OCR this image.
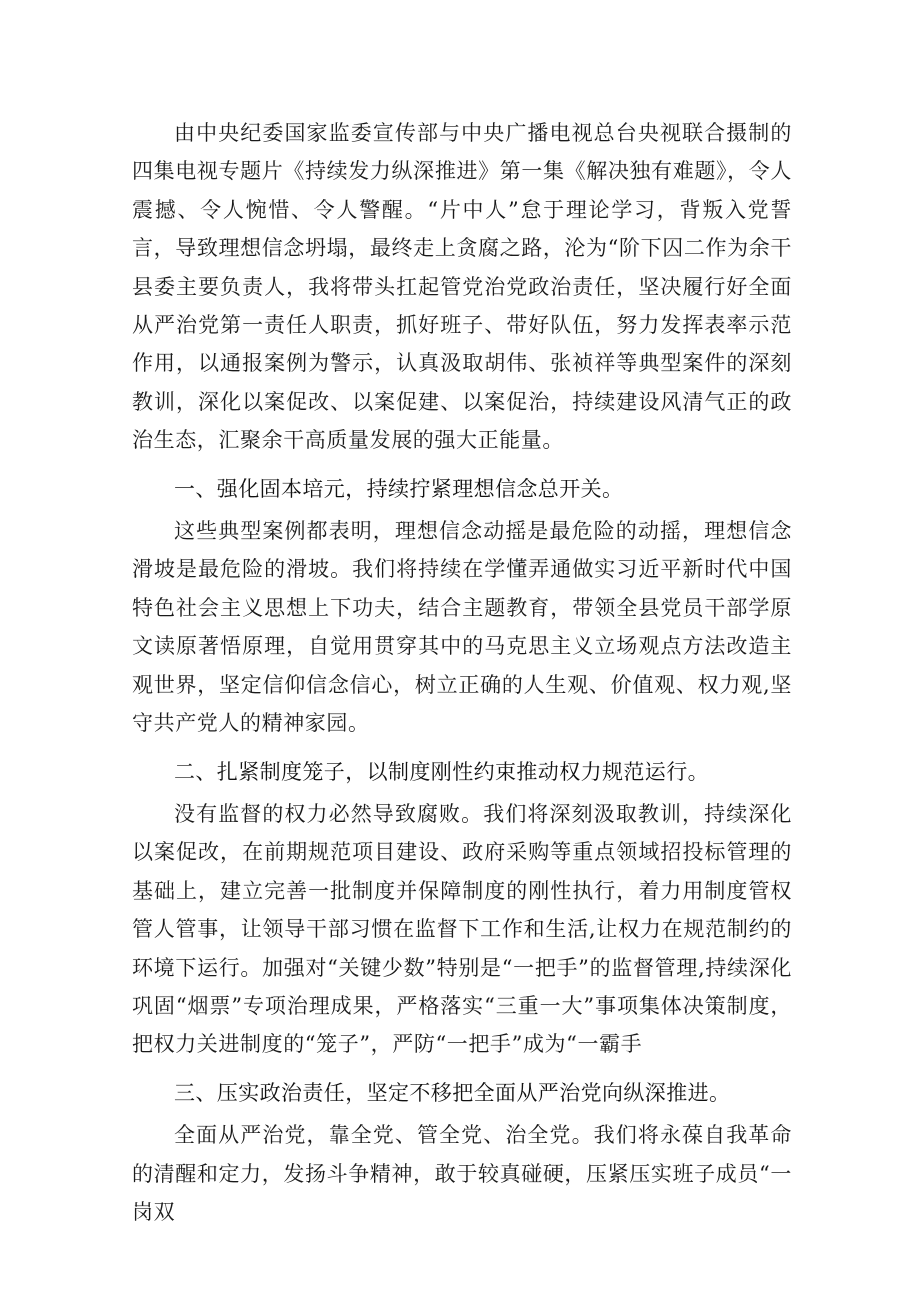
由中央纪委国家监委宣传部与中央广播电视总台央视联合摄制的四集电视专题片《持续发力纵深推进》第一集《解决独有难题》，令人震撼、令人惋惜、令人警醒。“片中人”怠于理论学习，背叛入党誓言，导致理想信念坍塌，最终走上贪腐之路，沦为“阶下囚二作为余干县委主要负责人，我将带头扛起管党治党政治责任，坚决履行好全面从严治党第一责任人职责，抓好班子、带好队伍，努力发挥表率示范作用，以通报案例为警示，认真汲取胡伟、张祯祥等典型案件的深刻教训，深化以案促改、以案促建、以案促治，持续建设风清气正的政治生态，汇聚余干高质量发展的强大正能量。

一、强化固本培元，持续拧紧理想信念总开关。

这些典型案例都表明，理想信念动摇是最危险的动摇，理想信念滑坡是最危险的滑坡。我们将持续在学懂弄通做实习近平新时代中国特色社会主义思想上下功夫，结合主题教育，带领全县党员干部学原文读原著悟原理，自觉用贯穿其中的马克思主义立场观点方法改造主观世界，坚定信仰信念信心，树立正确的人生观、价值观、权力观,坚守共产党人的精神家园。

二、扎紧制度笼子，以制度刚性约束推动权力规范运行。

没有监督的权力必然导致腐败。我们将深刻汲取教训，持续深化以案促改，在前期规范项目建设、政府采购等重点领域招投标管理的基础上，建立完善一批制度并保障制度的刚性执行，着力用制度管权管人管事，让领导干部习惯在监督下工作和生活,让权力在规范制约的环境下运行。加强对“关键少数”特别是“一把手”的监督管理,持续深化巩固“烟票”专项治理成果，严格落实“三重一大”事项集体决策制度，把权力关进制度的“笼子”，严防“一把手”成为“一霸手

三、压实政治责任，坚定不移把全面从严治党向纵深推进。

全面从严治党，靠全党、管全党、治全党。我们将永葆自我革命的清醒和定力，发扬斗争精神，敢于较真碰硬，压紧压实班子成员“一岗双
